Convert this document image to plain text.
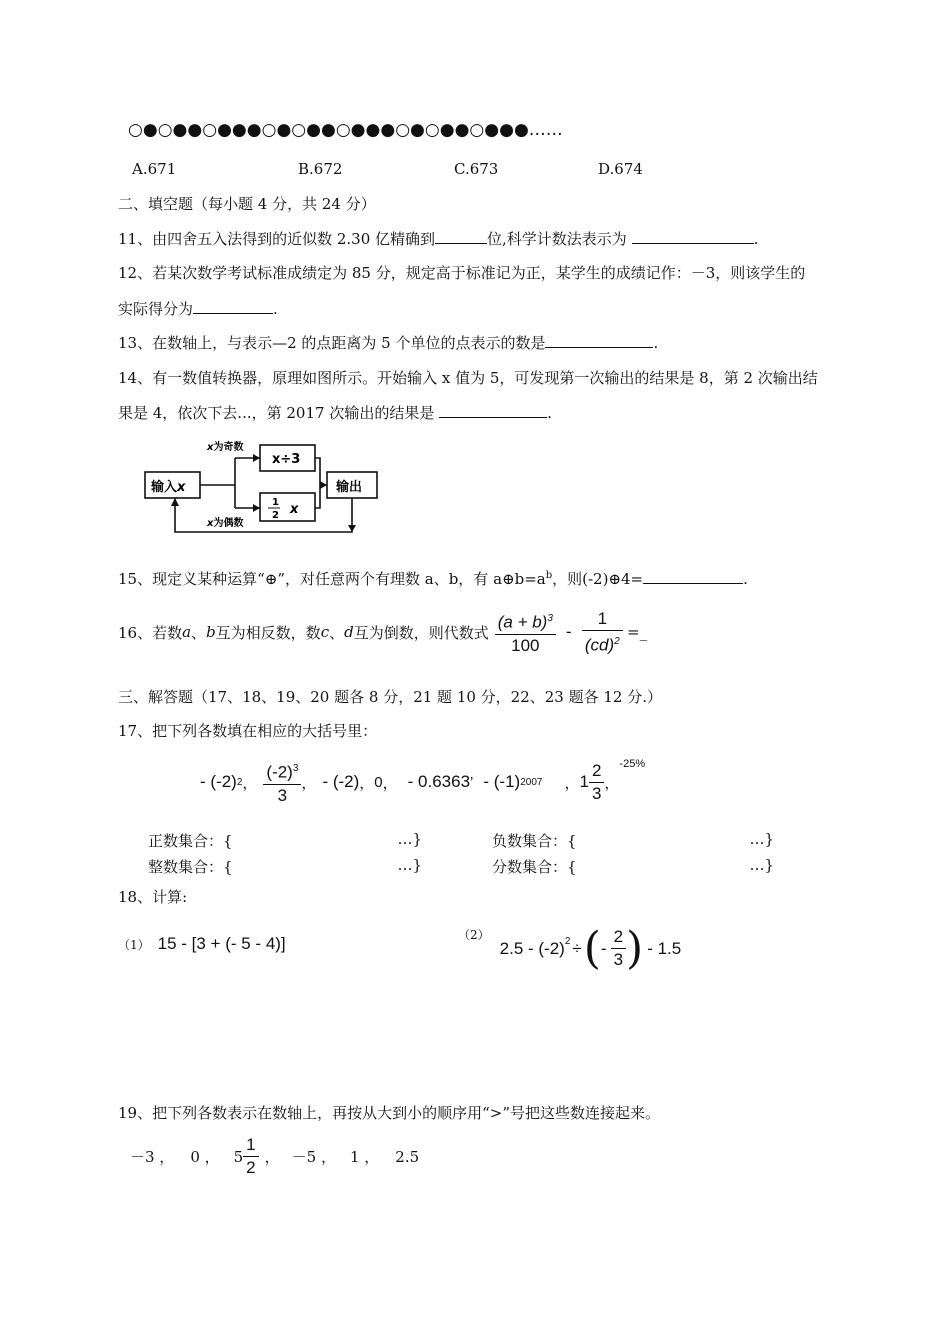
○●○●●○●●●○●○●●○●●●○●○●●○●●●……
A.671	B.672	C.673	D.674
二、填空题（每小题 4 分，共 24 分）
11、由四舍五入法得到的近似数 2.30 亿精确到	位,科学计数法表示为	.
12、若某次数学考试标准成绩定为 85 分，规定高于标准记为正，某学生的成绩记作：－3，则该学生的
实际得分为	.
13、在数轴上，与表示—2 的点距离为 5 个单位的点表示的数是	.
14、有一数值转换器，原理如图所示。开始输入 x 值为 5，可发现第一次输出的结果是 8，第 2 次输出结
果是 4，依次下去...，第 2017 次输出的结果是	.
输入x
x为奇数
x为偶数
x÷3
1
2 x
输出
15、现定义某种运算“⊕”，对任意两个有理数 a、b，有 $a\oplus b=a^b$，则(-2)⊕4=	.
16、若数 a 、 b 互为相反数，数 c 、 d 互为倒数，则代数式 $\frac{(a + b)^3}{100} - \frac{1}{(cd)^2}$ =_
三、解答题（17、18、19、20 题各 8 分，21 题 10 分，22、23 题各 12 分.）
17、把下列各数填在相应的大括号里：
- (-2) 2 ， $\frac{(-2)^3}{3}$ ， - (-2) ， 0 ， - 0.6363 ’ - (-1) 2007 ， $1 \frac{2}{3}$ ，
-25%
正数集合：{	…}	负数集合：{	…}
整数集合：{	…}	分数集合：{	…}
18、计算:
（1） 15 - [3 + (- 5 - 4)]	（2）
$2.5 - (-2)^2$ ÷ ( - $\frac{2}{3}$ ) - 1.5
19、把下列各数表示在数轴上，再按从大到小的顺序用“>”号把这些数连接起来。
－3 ， 0 ， $5 \frac{1}{2}$ ， －5 ， 1 ， 2.5
